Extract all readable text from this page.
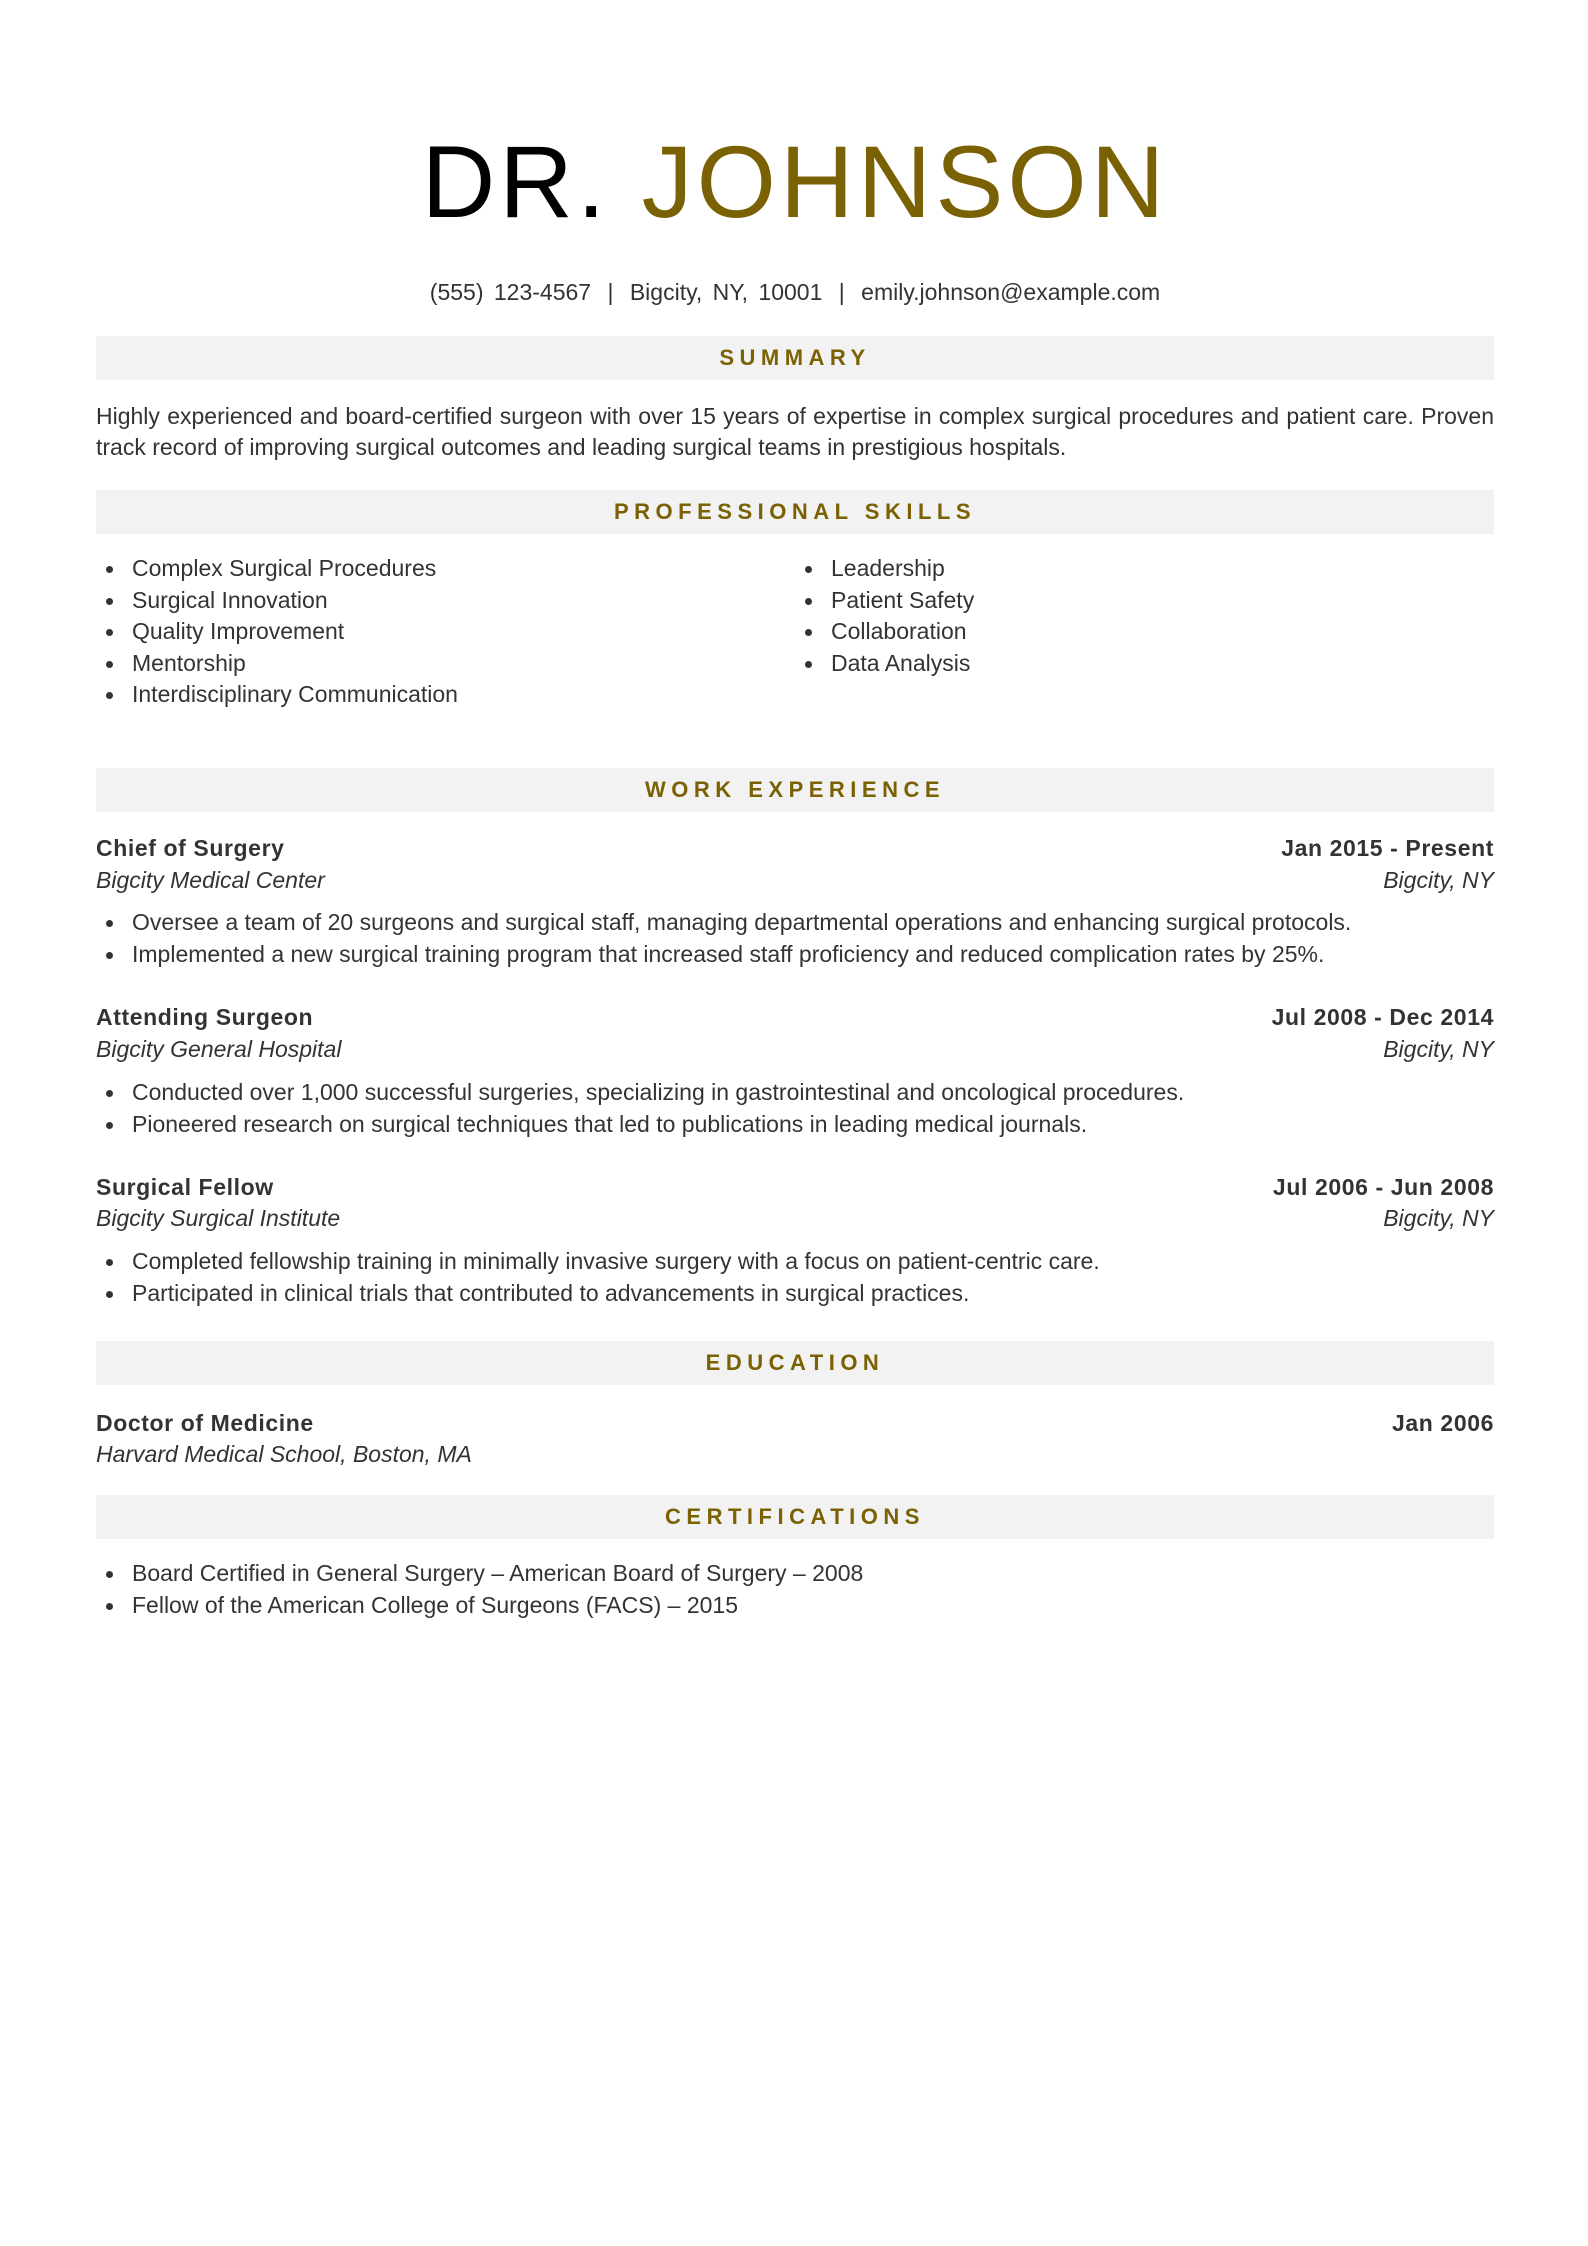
DR. JOHNSON
(555) 123-4567 | Bigcity, NY, 10001 | emily.johnson@example.com
SUMMARY
Highly experienced and board-certified surgeon with over 15 years of expertise in complex surgical procedures and patient care. Proven track record of improving surgical outcomes and leading surgical teams in prestigious hospitals.
PROFESSIONAL SKILLS
Complex Surgical Procedures
Surgical Innovation
Quality Improvement
Mentorship
Interdisciplinary Communication
Leadership
Patient Safety
Collaboration
Data Analysis
WORK EXPERIENCE
Chief of Surgery	Jan 2015 - Present
Bigcity Medical Center	Bigcity, NY
Oversee a team of 20 surgeons and surgical staff, managing departmental operations and enhancing surgical protocols.
Implemented a new surgical training program that increased staff proficiency and reduced complication rates by 25%.
Attending Surgeon	Jul 2008 - Dec 2014
Bigcity General Hospital	Bigcity, NY
Conducted over 1,000 successful surgeries, specializing in gastrointestinal and oncological procedures.
Pioneered research on surgical techniques that led to publications in leading medical journals.
Surgical Fellow	Jul 2006 - Jun 2008
Bigcity Surgical Institute	Bigcity, NY
Completed fellowship training in minimally invasive surgery with a focus on patient-centric care.
Participated in clinical trials that contributed to advancements in surgical practices.
EDUCATION
Doctor of Medicine	Jan 2006
Harvard Medical School, Boston, MA
CERTIFICATIONS
Board Certified in General Surgery – American Board of Surgery – 2008
Fellow of the American College of Surgeons (FACS) – 2015
